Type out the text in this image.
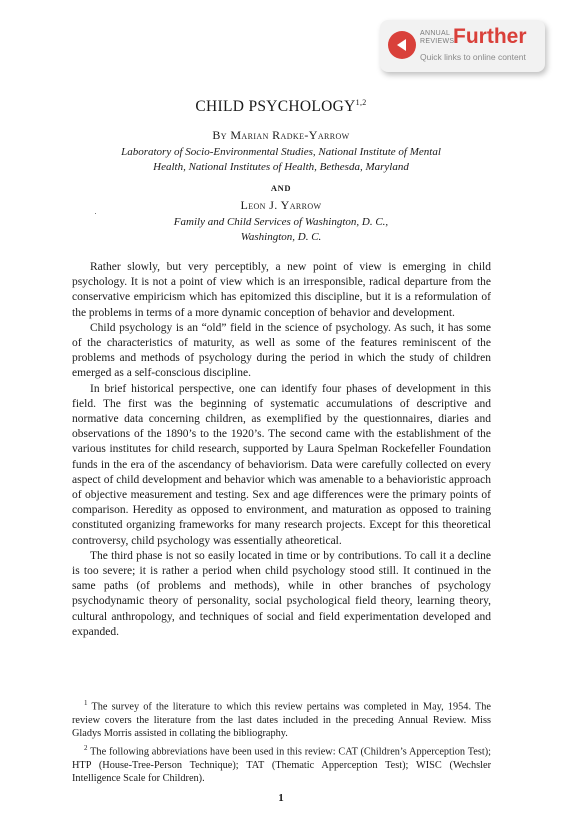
ANNUAL
REVIEWS
Further
Quick links to online content
CHILD PSYCHOLOGY$^{1,2}$
By Marian Radke-Yarrow
Laboratory of Socio-Environmental Studies, National Institute of Mental
Health, National Institutes of Health, Bethesda, Maryland
AND
Leon J. Yarrow
Family and Child Services of Washington, D. C.,
Washington, D. C.

Rather slowly, but very perceptibly, a new point of view is emerging in child psychology. It is not a point of view which is an irresponsible, radical departure from the conservative empiricism which has epitomized this discipline, but it is a reformulation of the problems in terms of a more dynamic conception of behavior and development.

Child psychology is an “old” field in the science of psychology. As such, it has some of the characteristics of maturity, as well as some of the features reminiscent of the problems and methods of psychology during the period in which the study of children emerged as a self-conscious discipline.

In brief historical perspective, one can identify four phases of development in this field. The first was the beginning of systematic accumulations of descriptive and normative data concerning children, as exemplified by the questionnaires, diaries and observations of the 1890’s to the 1920’s. The second came with the establishment of the various institutes for child research, supported by Laura Spelman Rockefeller Foundation funds in the era of the ascendancy of behaviorism. Data were carefully collected on every aspect of child development and behavior which was amenable to a behavioristic approach of objective measurement and testing. Sex and age differences were the primary points of comparison. Heredity as opposed to environment, and maturation as opposed to training constituted organizing frameworks for many research projects. Except for this theoretical controversy, child psychology was essentially atheoretical.

The third phase is not so easily located in time or by contributions. To call it a decline is too severe; it is rather a period when child psychology stood still. It continued in the same paths (of problems and methods), while in other branches of psychology psychodynamic theory of personality, social psychological field theory, learning theory, cultural anthropology, and techniques of social and field experimentation developed and expanded.

$^1$ The survey of the literature to which this review pertains was completed in May, 1954. The review covers the literature from the last dates included in the preceding Annual Review. Miss Gladys Morris assisted in collating the bibliography.

$^2$ The following abbreviations have been used in this review: CAT (Children’s Apperception Test); HTP (House-Tree-Person Technique); TAT (Thematic Apperception Test); WISC (Wechsler Intelligence Scale for Children).

1
